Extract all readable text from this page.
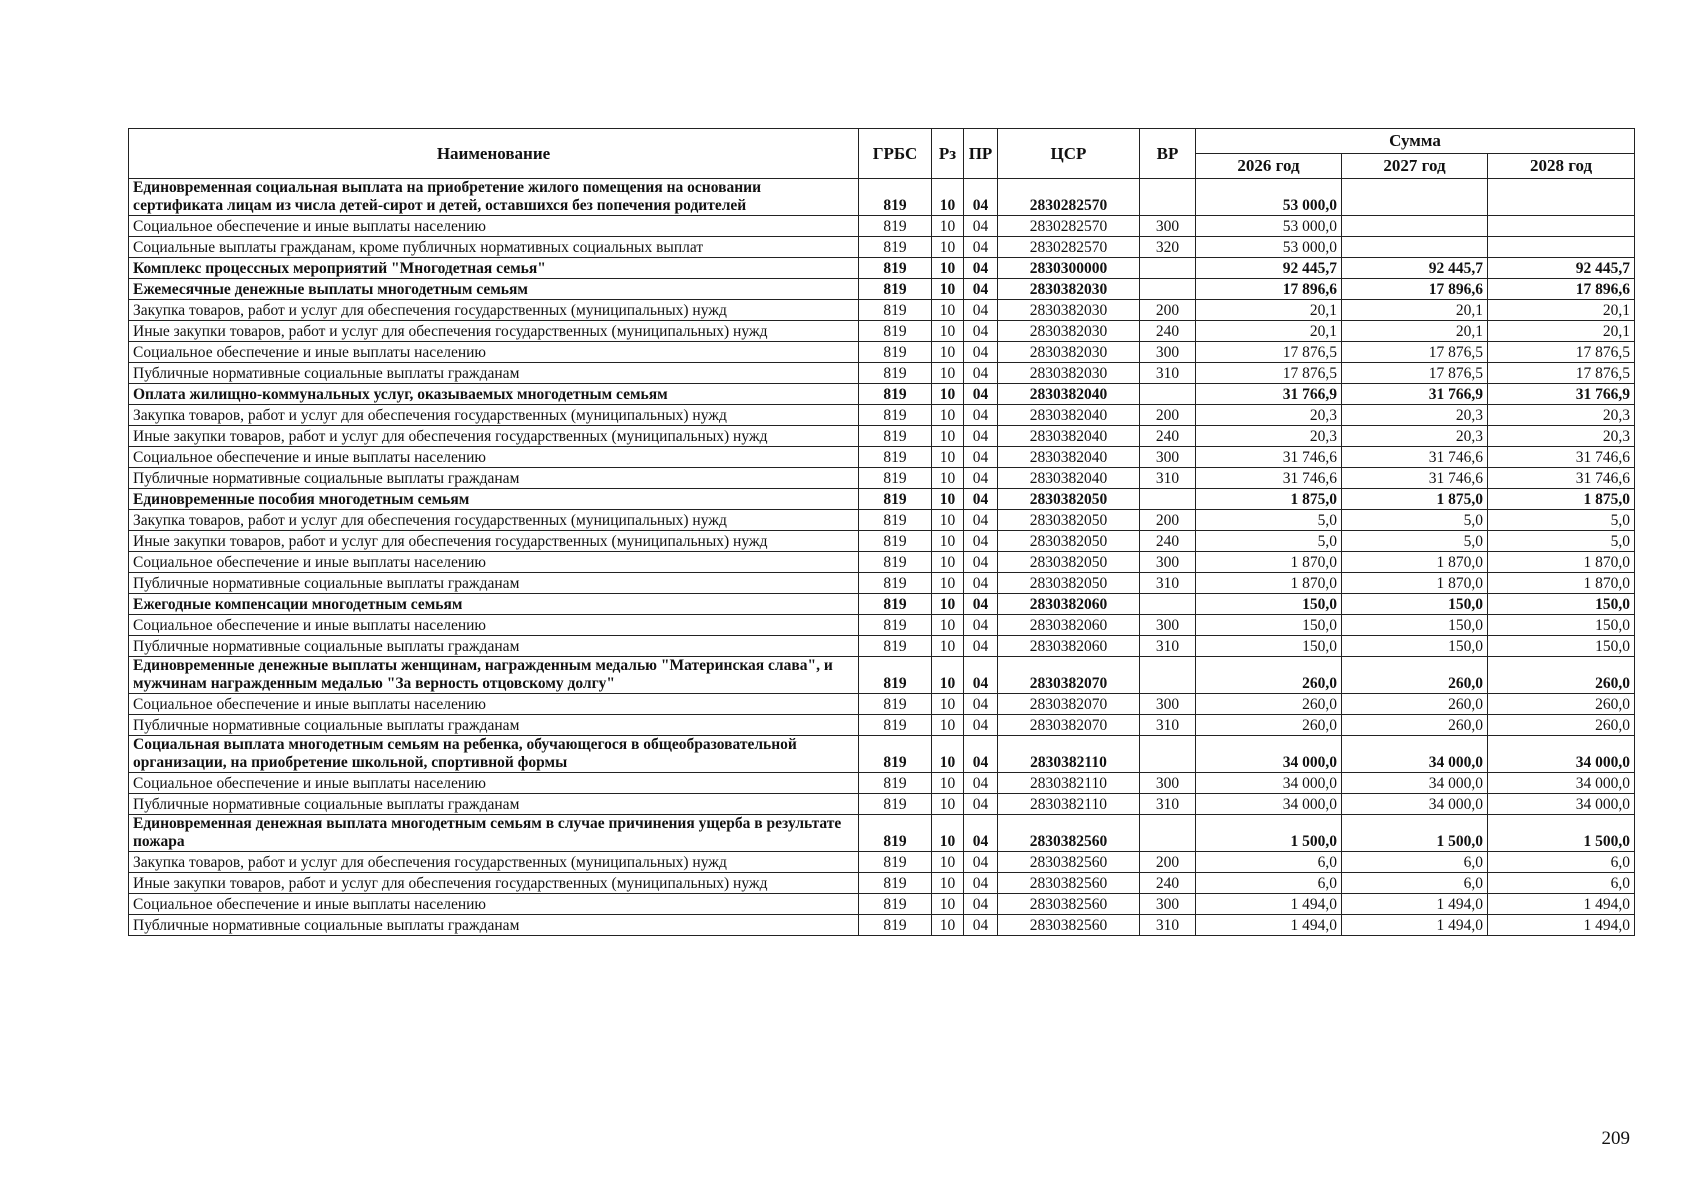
Наименование	ГРБС	Рз	ПР	ЦСР	ВР	Сумма		
						2026 год	2027 год	2028 год
Единовременная социальная выплата на приобретение жилого помещения на основании сертификата лицам из числа детей-сирот и детей, оставшихся без попечения родителей	819	10	04	2830282570		53 000,0		
Социальное обеспечение и иные выплаты населению	819	10	04	2830282570	300	53 000,0		
Социальные выплаты гражданам, кроме публичных нормативных социальных выплат	819	10	04	2830282570	320	53 000,0		
Комплекс процессных мероприятий "Многодетная семья"	819	10	04	2830300000		92 445,7	92 445,7	92 445,7
Ежемесячные денежные выплаты многодетным семьям	819	10	04	2830382030		17 896,6	17 896,6	17 896,6
Закупка товаров, работ и услуг для обеспечения государственных (муниципальных) нужд	819	10	04	2830382030	200	20,1	20,1	20,1
Иные закупки товаров, работ и услуг для обеспечения государственных (муниципальных) нужд	819	10	04	2830382030	240	20,1	20,1	20,1
Социальное обеспечение и иные выплаты населению	819	10	04	2830382030	300	17 876,5	17 876,5	17 876,5
Публичные нормативные социальные выплаты гражданам	819	10	04	2830382030	310	17 876,5	17 876,5	17 876,5
Оплата жилищно-коммунальных услуг, оказываемых многодетным семьям	819	10	04	2830382040		31 766,9	31 766,9	31 766,9
Закупка товаров, работ и услуг для обеспечения государственных (муниципальных) нужд	819	10	04	2830382040	200	20,3	20,3	20,3
Иные закупки товаров, работ и услуг для обеспечения государственных (муниципальных) нужд	819	10	04	2830382040	240	20,3	20,3	20,3
Социальное обеспечение и иные выплаты населению	819	10	04	2830382040	300	31 746,6	31 746,6	31 746,6
Публичные нормативные социальные выплаты гражданам	819	10	04	2830382040	310	31 746,6	31 746,6	31 746,6
Единовременные пособия многодетным семьям	819	10	04	2830382050		1 875,0	1 875,0	1 875,0
Закупка товаров, работ и услуг для обеспечения государственных (муниципальных) нужд	819	10	04	2830382050	200	5,0	5,0	5,0
Иные закупки товаров, работ и услуг для обеспечения государственных (муниципальных) нужд	819	10	04	2830382050	240	5,0	5,0	5,0
Социальное обеспечение и иные выплаты населению	819	10	04	2830382050	300	1 870,0	1 870,0	1 870,0
Публичные нормативные социальные выплаты гражданам	819	10	04	2830382050	310	1 870,0	1 870,0	1 870,0
Ежегодные компенсации многодетным семьям	819	10	04	2830382060		150,0	150,0	150,0
Социальное обеспечение и иные выплаты населению	819	10	04	2830382060	300	150,0	150,0	150,0
Публичные нормативные социальные выплаты гражданам	819	10	04	2830382060	310	150,0	150,0	150,0
Единовременные денежные выплаты женщинам, награжденным медалью "Материнская слава", и мужчинам награжденным медалью "За верность отцовскому долгу"	819	10	04	2830382070		260,0	260,0	260,0
Социальное обеспечение и иные выплаты населению	819	10	04	2830382070	300	260,0	260,0	260,0
Публичные нормативные социальные выплаты гражданам	819	10	04	2830382070	310	260,0	260,0	260,0
Социальная выплата многодетным семьям на ребенка, обучающегося в общеобразовательной организации, на приобретение школьной, спортивной формы	819	10	04	2830382110		34 000,0	34 000,0	34 000,0
Социальное обеспечение и иные выплаты населению	819	10	04	2830382110	300	34 000,0	34 000,0	34 000,0
Публичные нормативные социальные выплаты гражданам	819	10	04	2830382110	310	34 000,0	34 000,0	34 000,0
Единовременная денежная выплата многодетным семьям в случае причинения ущерба в результате пожара	819	10	04	2830382560		1 500,0	1 500,0	1 500,0
Закупка товаров, работ и услуг для обеспечения государственных (муниципальных) нужд	819	10	04	2830382560	200	6,0	6,0	6,0
Иные закупки товаров, работ и услуг для обеспечения государственных (муниципальных) нужд	819	10	04	2830382560	240	6,0	6,0	6,0
Социальное обеспечение и иные выплаты населению	819	10	04	2830382560	300	1 494,0	1 494,0	1 494,0
Публичные нормативные социальные выплаты гражданам	819	10	04	2830382560	310	1 494,0	1 494,0	1 494,0
209
